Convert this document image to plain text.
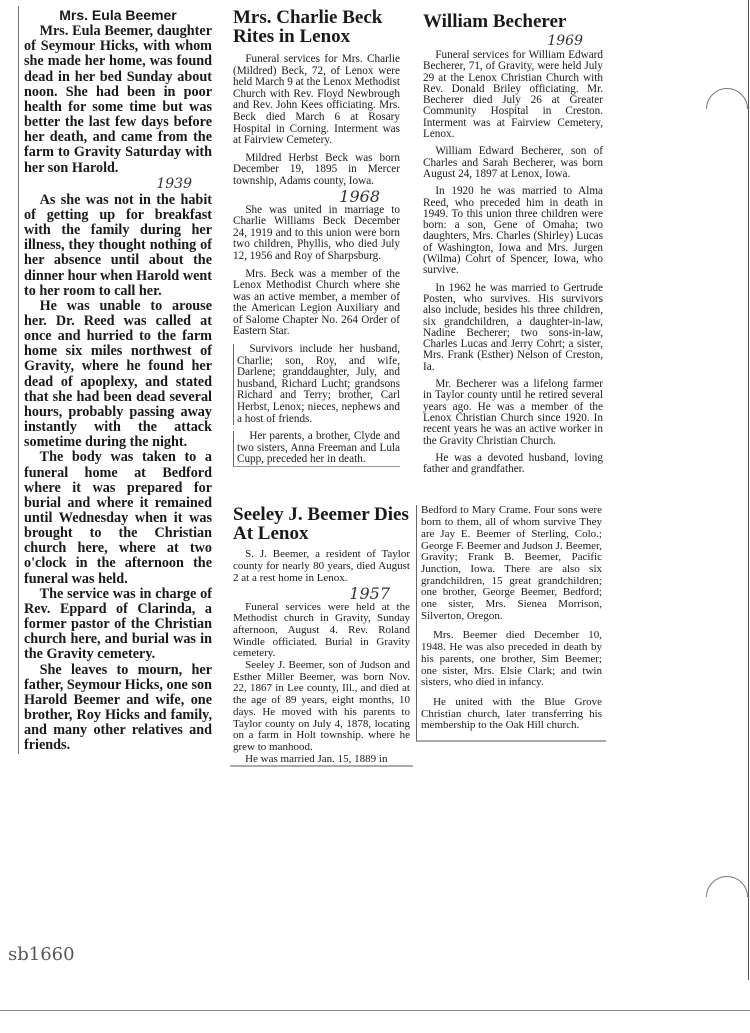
Mrs. Eula Beemer

Mrs. Eula Beemer, daughter of Seymour Hicks, with whom she made her home, was found dead in her bed Sunday about noon. She had been in poor health for some time but was better the last few days before her death, and came from the farm to Gravity Saturday with her son Harold.

1939

As she was not in the habit of getting up for breakfast with the family during her illness, they thought nothing of her absence until about the dinner hour when Harold went to her room to call her.

He was unable to arouse her. Dr. Reed was called at once and hurried to the farm home six miles northwest of Gravity, where he found her dead of apoplexy, and stated that she had been dead several hours, probably passing away instantly with the attack sometime during the night.

The body was taken to a funeral home at Bedford where it was prepared for burial and where it remained until Wednesday when it was brought to the Christian church here, where at two o'clock in the afternoon the funeral was held.

The service was in charge of Rev. Eppard of Clarinda, a former pastor of the Christian church here, and burial was in the Gravity cemetery.

She leaves to mourn, her father, Seymour Hicks, one son Harold Beemer and wife, one brother, Roy Hicks and family, and many other relatives and friends.

Mrs. Charlie Beck Rites in Lenox

Funeral services for Mrs. Charlie (Mildred) Beck, 72, of Lenox were held March 9 at the Lenox Methodist Church with Rev. Floyd Newbrough and Rev. John Kees officiating. Mrs. Beck died March 6 at Rosary Hospital in Corning. Interment was at Fairview Cemetery.

Mildred Herbst Beck was born December 19, 1895 in Mercer township, Adams county, Iowa.

1968

She was united in marriage to Charlie Williams Beck December 24, 1919 and to this union were born two children, Phyllis, who died July 12, 1956 and Roy of Sharpsburg.

Mrs. Beck was a member of the Lenox Methodist Church where she was an active member, a member of the American Legion Auxiliary and of Salome Chapter No. 264 Order of Eastern Star.

Survivors include her husband, Charlie; son, Roy, and wife, Darlene; granddaughter, July, and husband, Richard Lucht; grandsons Richard and Terry; brother, Carl Herbst, Lenox; nieces, nephews and a host of friends.

Her parents, a brother, Clyde and two sisters, Anna Freeman and Lula Cupp, preceded her in death.

William Becherer
1969

Funeral services for William Edward Becherer, 71, of Gravity, were held July 29 at the Lenox Christian Church with Rev. Donald Briley officiating. Mr. Becherer died July 26 at Greater Community Hospital in Creston. Interment was at Fairview Cemetery, Lenox.

William Edward Becherer, son of Charles and Sarah Becherer, was born August 24, 1897 at Lenox, Iowa.

In 1920 he was married to Alma Reed, who preceded him in death in 1949. To this union three children were born: a son, Gene of Omaha; two daughters, Mrs. Charles (Shirley) Lucas of Washington, Iowa and Mrs. Jurgen (Wilma) Cohrt of Spencer, Iowa, who survive.

In 1962 he was married to Gertrude Posten, who survives. His survivors also include, besides his three children, six grandchildren, a daughter-in-law, Nadine Becherer; two sons-in-law, Charles Lucas and Jerry Cohrt; a sister, Mrs. Frank (Esther) Nelson of Creston, Ia.

Mr. Becherer was a lifelong farmer in Taylor county until he retired several years ago. He was a member of the Lenox Christian Church since 1920. In recent years he was an active worker in the Gravity Christian Church.

He was a devoted husband, loving father and grandfather.

Seeley J. Beemer Dies At Lenox

S. J. Beemer, a resident of Taylor county for nearly 80 years, died August 2 at a rest home in Lenox.

1957

Funeral services were held at the Methodist church in Gravity, Sunday afternoon, August 4. Rev. Roland Windle officiated. Burial in Gravity cemetery.

Seeley J. Beemer, son of Judson and Esther Miller Beemer, was born Nov. 22, 1867 in Lee county, Ill., and died at the age of 89 years, eight months, 10 days. He moved with his parents to Taylor county on July 4, 1878, locating on a farm in Holt township. where he grew to manhood.

He was married Jan. 15, 1889 in

Bedford to Mary Crame. Four sons were born to them, all of whom survive They are Jay E. Beemer of Sterling, Colo.; George F. Beemer and Judson J. Beemer, Gravity; Frank B. Beemer, Pacific Junction, Iowa. There are also six grandchildren, 15 great grandchildren; one brother, George Beemer, Bedford; one sister, Mrs. Sienea Morrison, Silverton, Oregon.

Mrs. Beemer died December 10, 1948. He was also preceded in death by his parents, one brother, Sim Beemer; one sister, Mrs. Elsie Clark; and twin sisters, who died in infancy.

He united with the Blue Grove Christian church, later transferring his membership to the Oak Hill church.

sb1660
